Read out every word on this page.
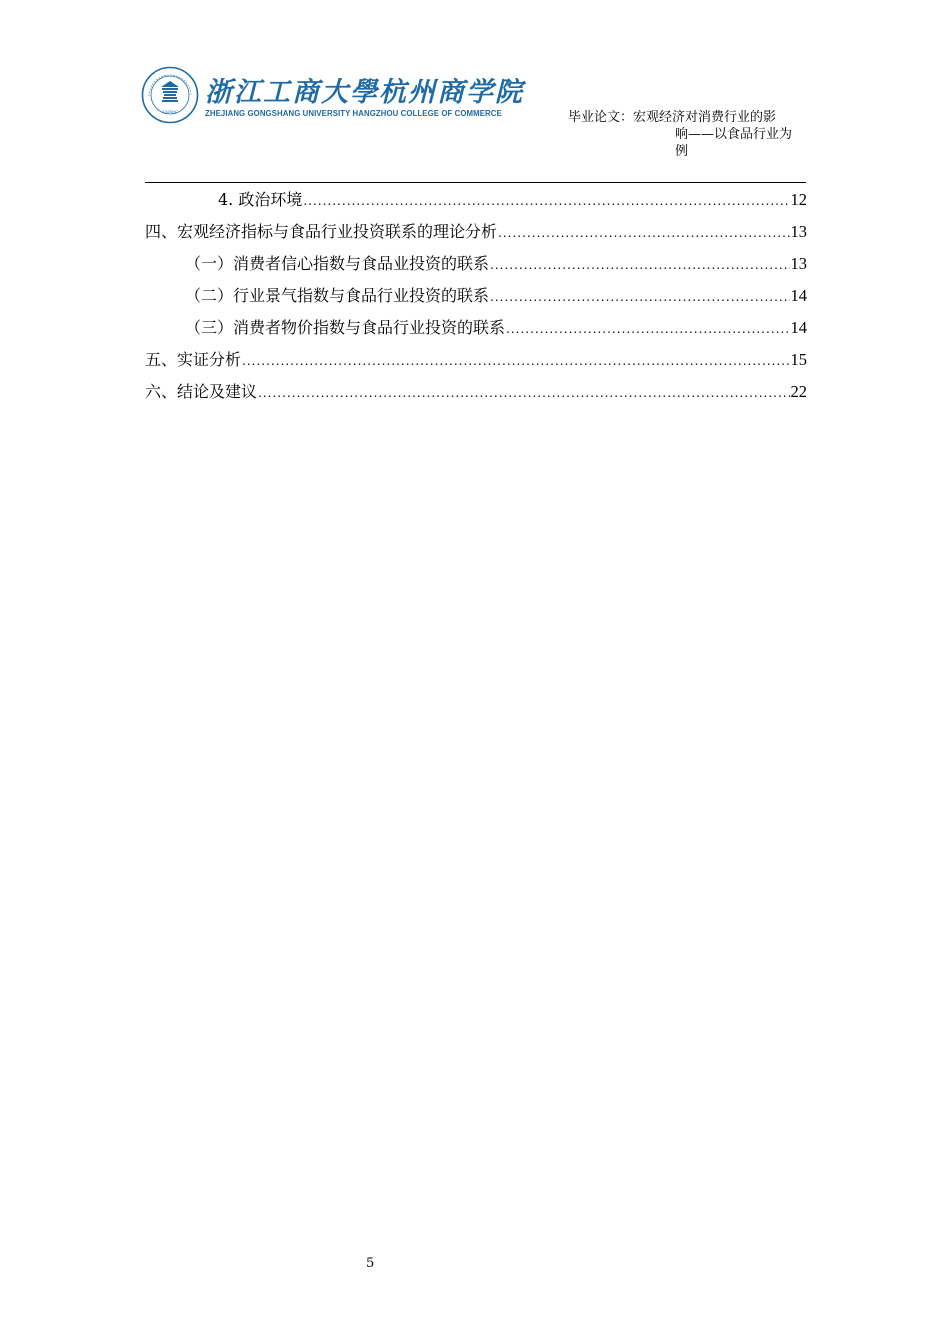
ZJGSHC
浙江工商大學杭州商学院
ZHEJIANG GONGSHANG UNIVERSITY HANGZHOU COLLEGE OF COMMERCE	毕业论文：宏观经济对消费行业的影
响——以食品行业为
例
4. 政治环境 .....	12
四、宏观经济指标与食品行业投资联系的理论分析 .....	13
（一）消费者信心指数与食品业投资的联系 .....	13
（二）行业景气指数与食品行业投资的联系 .....	14
（三）消费者物价指数与食品行业投资的联系 .....	14
五、实证分析 .....	15
六、结论及建议 .....	22
5
